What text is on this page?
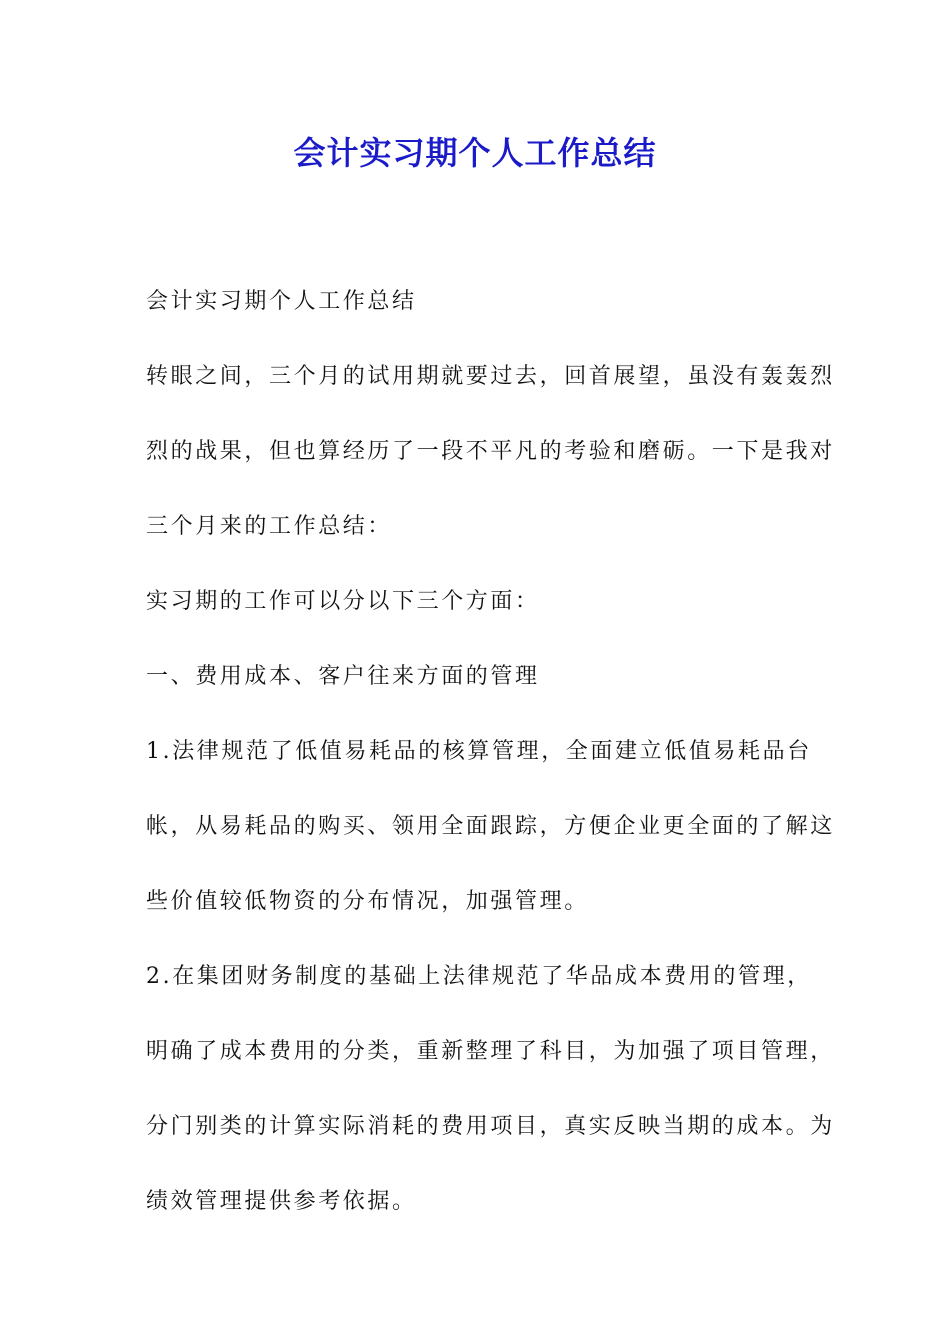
会计实习期个人工作总结

会计实习期个人工作总结

转眼之间，三个月的试用期就要过去，回首展望，虽没有轰轰烈烈的战果，但也算经历了一段不平凡的考验和磨砺。一下是我对三个月来的工作总结：

实习期的工作可以分以下三个方面：

一、费用成本、客户往来方面的管理

1.法律规范了低值易耗品的核算管理，全面建立低值易耗品台帐，从易耗品的购买、领用全面跟踪，方便企业更全面的了解这些价值较低物资的分布情况，加强管理。

2.在集团财务制度的基础上法律规范了华品成本费用的管理，明确了成本费用的分类，重新整理了科目，为加强了项目管理，分门别类的计算实际消耗的费用项目，真实反映当期的成本。为绩效管理提供参考依据。
